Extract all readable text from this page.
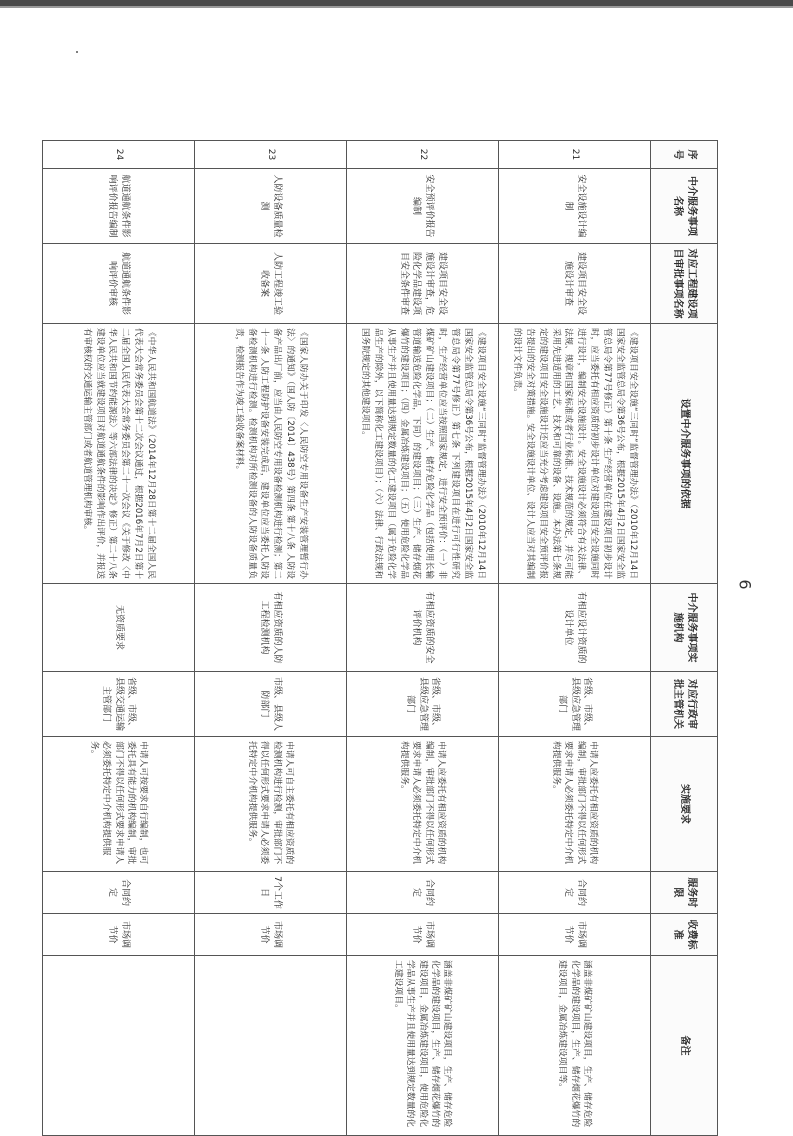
序号	中介服务事项名称	对应工程建设项目审批事项名称	设置中介服务事项的依据	中介服务事项实施机构	对应行政审批主管机关	实施要求	服务时限	收费标准	备注
21	安全设施设计编制	建设项目安全设施设计审查	《建设项目安全设施“三同时”监督管理办法》（2010年12月14日国家安全监管总局令第36号公布，根据2015年4月2日国家安全监管总局令第77号修正）第十条 生产经营单位在建设项目初步设计时，应当委托有相应资质的初步设计单位对建设项目安全设施同时进行设计，编制安全设施设计。安全设施设计必须符合有关法律、法规、规章和国家标准或者行业标准、技术规范的规定，并尽可能采用先进适用的工艺、技术和可靠的设备、设施。本办法第七条规定的建设项目安全设施设计还应当充分考虑建设项目安全预评价报告提出的安全对策措施。安全设施设计单位、设计人应当对其编制的设计文件负责。	有相应设计资质的设计单位	省级、市级、县级应急管理部门	申请人应委托有相应资质的机构编制，审批部门不得以任何形式要求申请人必须委托特定中介机构提供服务。	合同约定	市场调节价	涵盖非煤矿矿山建设项目，生产、储存危险化学品的建设项目，生产、储存烟花爆竹的建设项目，金属冶炼建设项目等。
22	安全预评价报告编制	建设项目安全设施设计审查，危险化学品建设项目安全条件审查	《建设项目安全设施“三同时”监督管理办法》（2010年12月14日国家安全监管总局令第36号公布，根据2015年4月2日国家安全监管总局令第77号修正）第七条 下列建设项目在进行可行性研究时，生产经营单位应当按照国家规定，进行安全预评价：（一）非煤矿矿山建设项目；（二）生产、储存危险化学品（包括使用长输管道输送危险化学品，下同）的建设项目；（三）生产、储存烟花爆竹的建设项目；（四）金属冶炼建设项目；（五）使用危险化学品从事生产并且使用量达到规定数量的化工建设项目（属于危险化学品生产的除外，以下简称化工建设项目）；（六）法律、行政法规和国务院规定的其他建设项目。	有相应资质的安全评价机构	省级、市级、县级应急管理部门	申请人应委托有相应资质的机构编制，审批部门不得以任何形式要求申请人必须委托特定中介机构提供服务。	合同约定	市场调节价	涵盖非煤矿矿山建设项目，生产、储存危险化学品的建设项目，生产、储存烟花爆竹的建设项目，金属冶炼建设项目，使用危险化学品从事生产并且使用量达到规定数量的化工建设项目。
23	人防设备质量检测	人防工程竣工验收备案	《国家人防办关于印发〈人民防空专用设备生产安装管理暂行办法〉的通知》（国人防〔2014〕438号）第四条 第十八条 人防设备产品出厂前，应当由人民防空专用设备检测机构进行检测；第二十一条 人防工程防护设备安装完成后，建设单位应当委托人防设备检测机构进行检测。检测机构对所检测设备的人防设备质量负责，检测报告作为竣工验收备案材料。	有相应资质的人防工程检测机构	市级、县级人防部门	申请人可自主委托有相应资质的检测机构进行检测，审批部门不得以任何形式要求申请人必须委托特定中介机构提供服务。	7个工作日	市场调节价	
24	航道通航条件影响评价报告编制	航道通航条件影响评价审核	《中华人民共和国航道法》（2014年12月28日第十二届全国人民代表大会常务委员会第十二次会议通过，根据2016年7月2日第十二届全国人民代表大会常务委员会第二十一次会议《关于修改〈中华人民共和国节约能源法〉等六部法律的决定》修正）第二十八条 建设单位应当就建设项目对航道通航条件的影响作出评价，并报送有审核权的交通运输主管部门或者航道管理机构审核。	无资质要求	省级、市级、县级交通运输主管部门	申请人可按要求自行编制，也可委托具有能力的机构编制，审批部门不得以任何形式要求申请人必须委托特定中介机构提供服务。	合同约定	市场调节价	
6
